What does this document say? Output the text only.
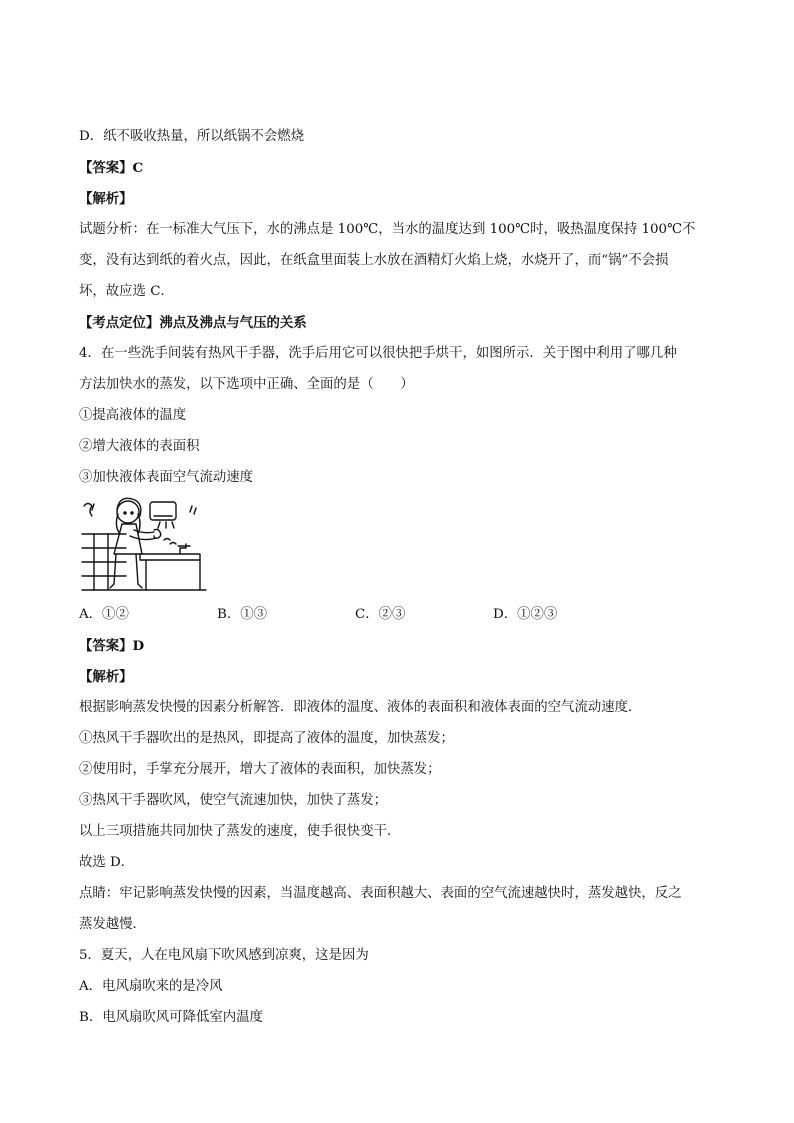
D．纸不吸收热量，所以纸锅不会燃烧
【答案】C
【解析】
试题分析：在一标准大气压下，水的沸点是 100℃，当水的温度达到 100℃时，吸热温度保持 100℃不
变，没有达到纸的着火点，因此，在纸盒里面装上水放在酒精灯火焰上烧，水烧开了，而“锅”不会损
坏，故应选 C．
【考点定位】沸点及沸点与气压的关系
4．在一些洗手间装有热风干手器，洗手后用它可以很快把手烘干，如图所示．关于图中利用了哪几种
方法加快水的蒸发，以下选项中正确、全面的是（　　）
①提高液体的温度
②增大液体的表面积
③加快液体表面空气流动速度
A．①②	B．①③	C．②③	D．①②③
【答案】D
【解析】
根据影响蒸发快慢的因素分析解答．即液体的温度、液体的表面积和液体表面的空气流动速度．
①热风干手器吹出的是热风，即提高了液体的温度，加快蒸发；
②使用时，手掌充分展开，增大了液体的表面积，加快蒸发；
③热风干手器吹风，使空气流速加快，加快了蒸发；
以上三项措施共同加快了蒸发的速度，使手很快变干．
故选 D．
点睛：牢记影响蒸发快慢的因素，当温度越高、表面积越大、表面的空气流速越快时，蒸发越快，反之
蒸发越慢．
5．夏天，人在电风扇下吹风感到凉爽，这是因为
A．电风扇吹来的是冷风
B．电风扇吹风可降低室内温度
